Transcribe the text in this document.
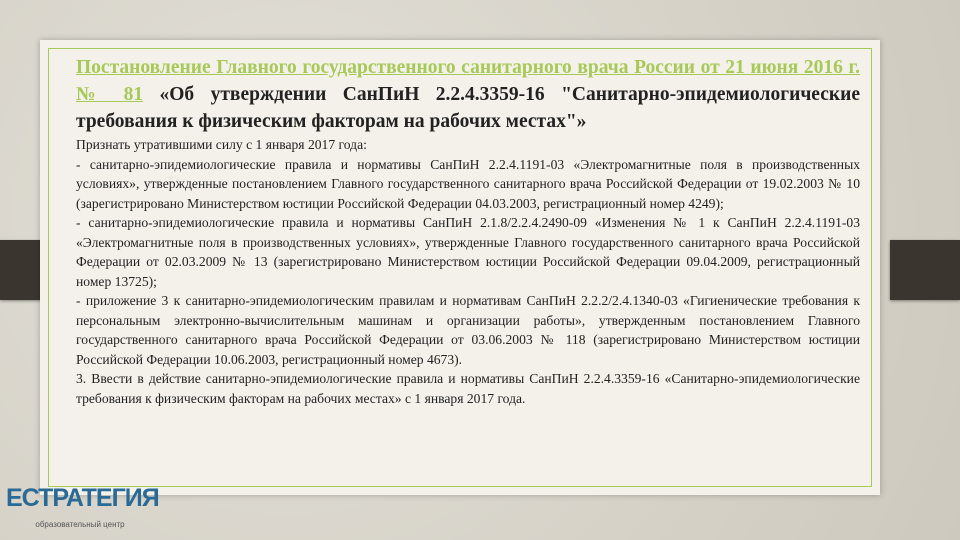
Постановление Главного государственного санитарного врача России от 21 июня 2016 г. № 81 «Об утверждении СанПиН 2.2.4.3359-16 "Санитарно-эпидемиологические требования к физическим факторам на рабочих местах"»

Признать утратившими силу с 1 января 2017 года:

- санитарно-эпидемиологические правила и нормативы СанПиН 2.2.4.1191-03 «Электромагнитные поля в производственных условиях», утвержденные постановлением Главного государственного санитарного врача Российской Федерации от 19.02.2003 № 10 (зарегистрировано Министерством юстиции Российской Федерации 04.03.2003, регистрационный номер 4249);

- санитарно-эпидемиологические правила и нормативы СанПиН 2.1.8/2.2.4.2490-09 «Изменения № 1 к СанПиН 2.2.4.1191-03 «Электромагнитные поля в производственных условиях», утвержденные Главного государственного санитарного врача Российской Федерации от 02.03.2009 № 13 (зарегистрировано Министерством юстиции Российской Федерации 09.04.2009, регистрационный номер 13725);

- приложение 3 к санитарно-эпидемиологическим правилам и нормативам СанПиН 2.2.2/2.4.1340-03 «Гигиенические требования к персональным электронно-вычислительным машинам и организации работы», утвержденным постановлением Главного государственного санитарного врача Российской Федерации от 03.06.2003 № 118 (зарегистрировано Министерством юстиции Российской Федерации 10.06.2003, регистрационный номер 4673).

3. Ввести в действие санитарно-эпидемиологические правила и нормативы СанПиН 2.2.4.3359-16 «Санитарно-эпидемиологические требования к физическим факторам на рабочих местах» с 1 января 2017 года.

ЕСТРАТЕГИЯ
образовательный центр
